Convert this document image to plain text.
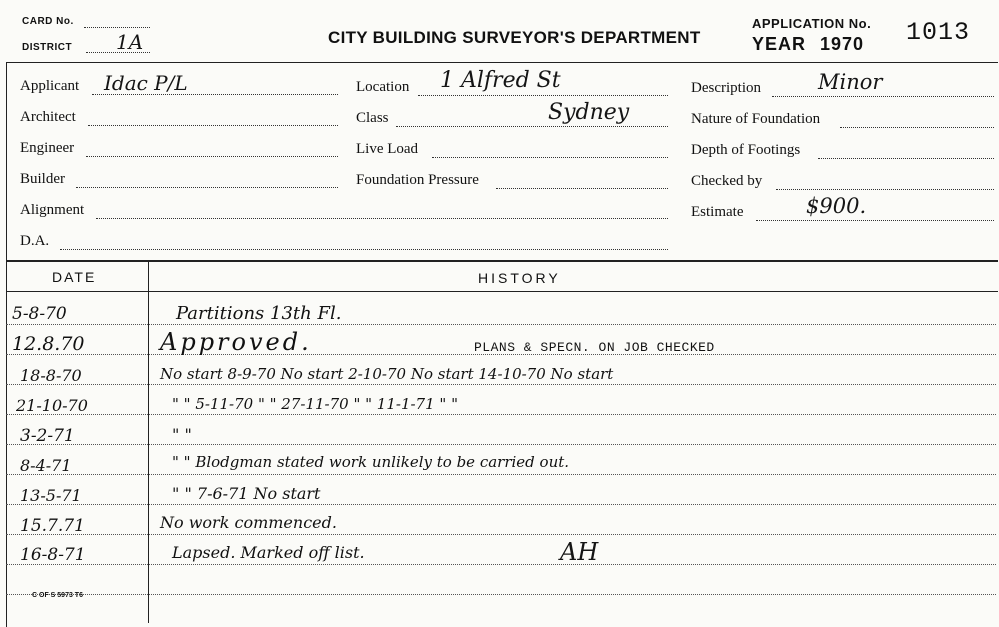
CARD No.
DISTRICT 1A	CITY BUILDING SURVEYOR'S DEPARTMENT
APPLICATION No.
YEAR 1970 1013
Applicant Idac P/L
Architect
Engineer
Builder
Alignment
D.A.
Location 1 Alfred St
Class	Sydney
Live Load
Foundation Pressure
Description	Minor
Nature of Foundation
Depth of Footings
Checked by
Estimate	$900.
DATE	HISTORY
5-8-70	Partitions 13th Fl.
12.8.70	Approved.	PLANS & SPECN. ON JOB CHECKED
18-8-70	No start 8-9-70 No start 2-10-70 No start 14-10-70 No start
21-10-70	" " 5-11-70 " " 27-11-70 " " 11-1-71 " "
3-2-71	" "
8-4-71	" " Blodgman stated work unlikely to be carried out.
13-5-71	" " 7-6-71 No start
15.7.71	No work commenced.
16-8-71	Lapsed. Marked off list.	AH
C OF S 5973 T6
